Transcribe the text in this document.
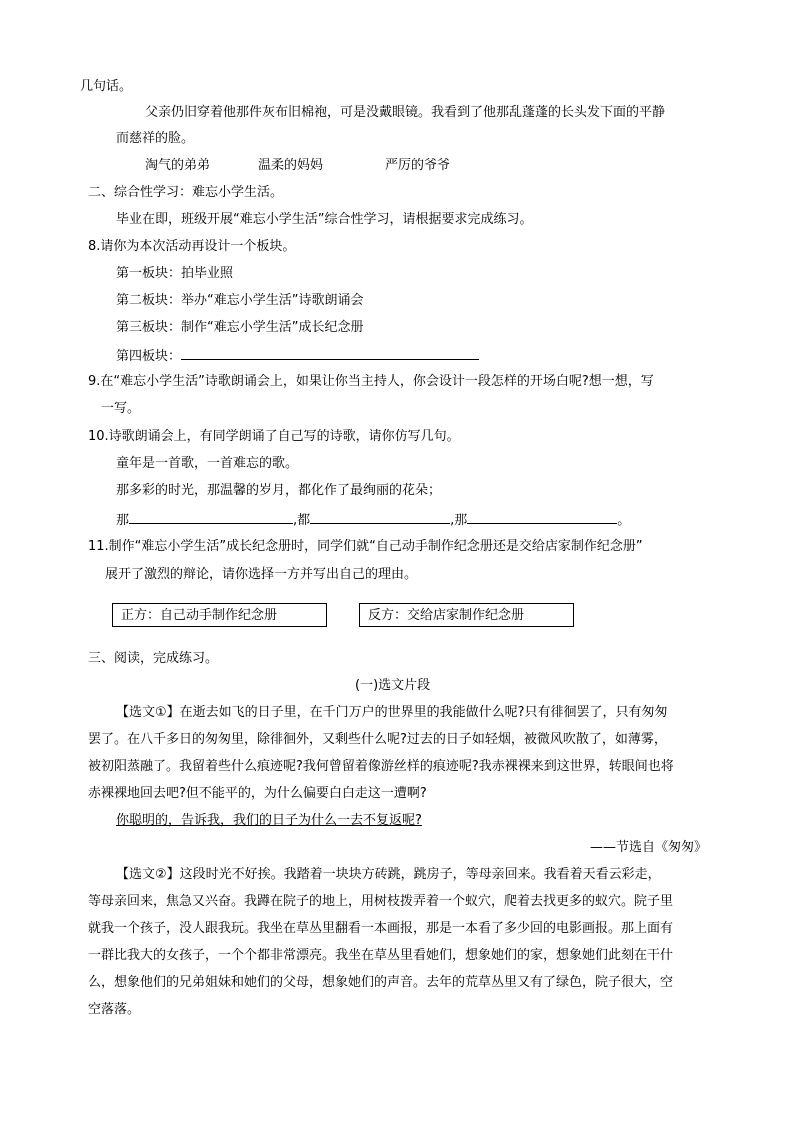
几句话。
父亲仍旧穿着他那件灰布旧棉袍，可是没戴眼镜。我看到了他那乱蓬蓬的长头发下面的平静
而慈祥的脸。
淘气的弟弟	温柔的妈妈	严厉的爷爷
二、综合性学习：难忘小学生活。
毕业在即，班级开展“难忘小学生活”综合性学习，请根据要求完成练习。
8.请你为本次活动再设计一个板块。
第一板块：拍毕业照
第二板块：举办“难忘小学生活”诗歌朗诵会
第三板块：制作“难忘小学生活”成长纪念册
第四板块：
9.在“难忘小学生活”诗歌朗诵会上，如果让你当主持人，你会设计一段怎样的开场白呢?想一想，写
一写。
10.诗歌朗诵会上，有同学朗诵了自己写的诗歌，请你仿写几句。
童年是一首歌，一首难忘的歌。
那多彩的时光，那温馨的岁月，都化作了最绚丽的花朵；
那	,都	,那	。
11.制作“难忘小学生活”成长纪念册时，同学们就“自己动手制作纪念册还是交给店家制作纪念册”
展开了激烈的辩论，请你选择一方并写出自己的理由。
正方：自己动手制作纪念册	反方：交给店家制作纪念册
三、阅读，完成练习。
(一)选文片段
【选文①】在逝去如飞的日子里，在千门万户的世界里的我能做什么呢?只有徘徊罢了，只有匆匆
罢了。在八千多日的匆匆里，除徘徊外，又剩些什么呢?过去的日子如轻烟，被微风吹散了，如薄雾，
被初阳蒸融了。我留着些什么痕迹呢?我何曾留着像游丝样的痕迹呢?我赤裸裸来到这世界，转眼间也将
赤裸裸地回去吧?但不能平的，为什么偏要白白走这一遭啊?
你聪明的，告诉我，我们的日子为什么一去不复返呢?
——节选自《匆匆》
【选文②】这段时光不好挨。我踏着一块块方砖跳，跳房子，等母亲回来。我看着天看云彩走，
等母亲回来，焦急又兴奋。我蹲在院子的地上，用树枝拨弄着一个蚁穴，爬着去找更多的蚁穴。院子里
就我一个孩子，没人跟我玩。我坐在草丛里翻看一本画报，那是一本看了多少回的电影画报。那上面有
一群比我大的女孩子，一个个都非常漂亮。我坐在草丛里看她们，想象她们的家，想象她们此刻在干什
么，想象他们的兄弟姐妹和她们的父母，想象她们的声音。去年的荒草丛里又有了绿色，院子很大，空
空落落。
